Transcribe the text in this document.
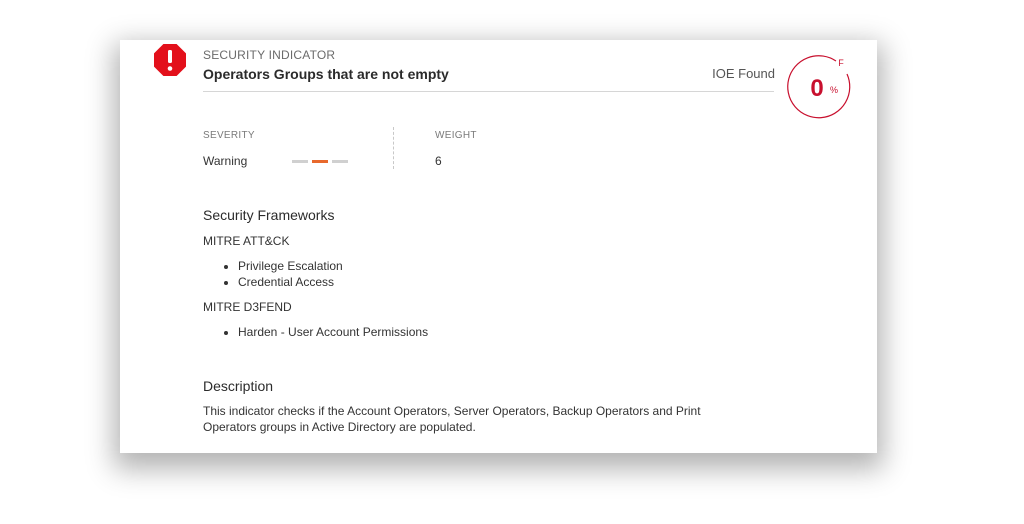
SECURITY INDICATOR
Operators Groups that are not empty	IOE Found
F
0 %
SEVERITY
Warning
WEIGHT
6
Security Frameworks
MITRE ATT&CK
• Privilege Escalation
• Credential Access
MITRE D3FEND
• Harden - User Account Permissions
Description
This indicator checks if the Account Operators, Server Operators, Backup Operators and Print Operators groups in Active Directory are populated.
